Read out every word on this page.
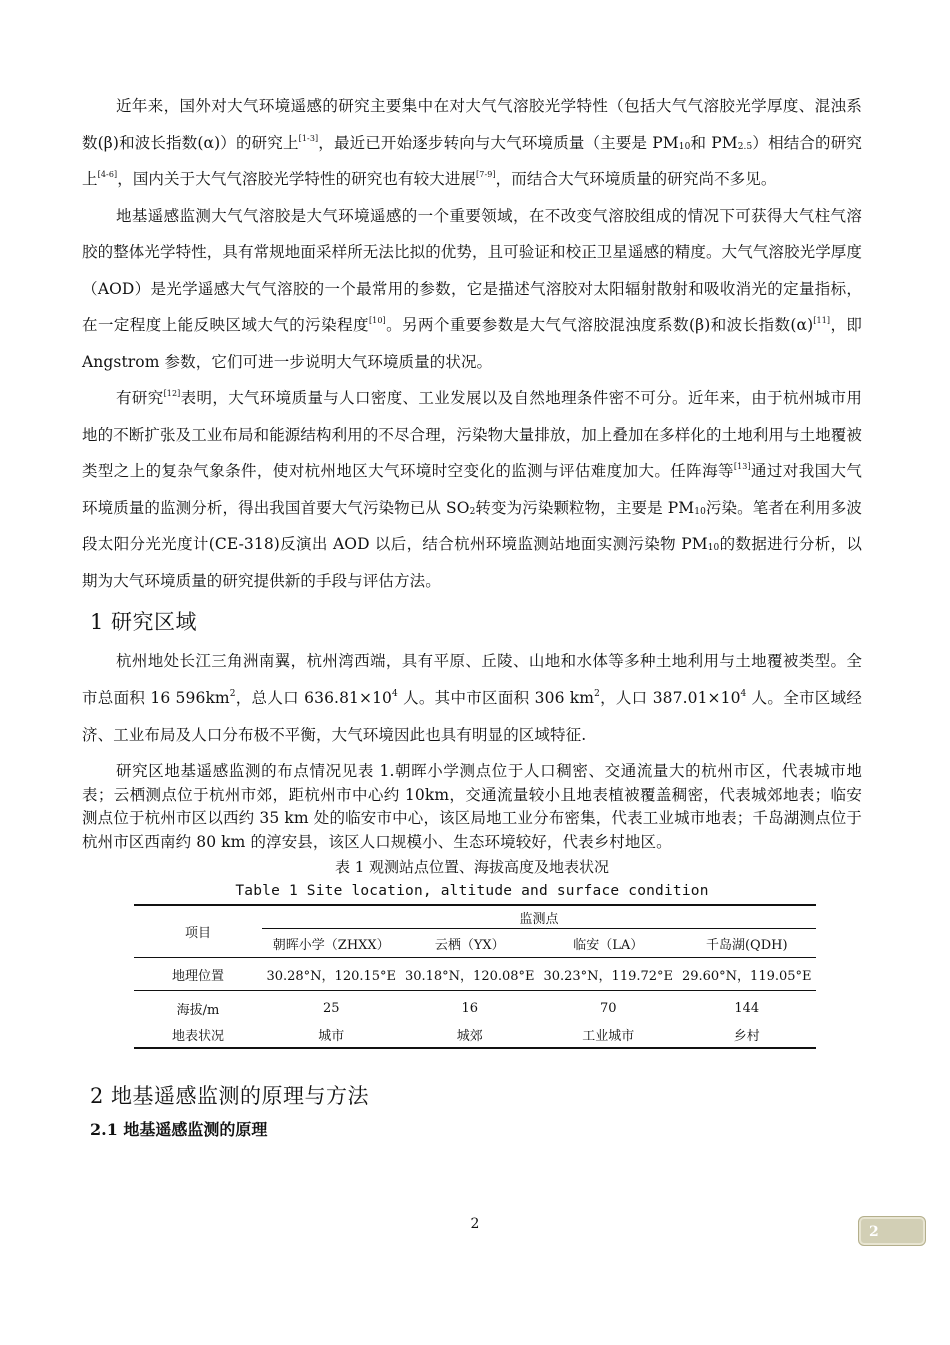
近年来，国外对大气环境遥感的研究主要集中在对大气气溶胶光学特性（包括大气气溶胶光学厚度、混浊系数(β)和波长指数(α)）的研究上[1-3]，最近已开始逐步转向与大气环境质量（主要是 $PM_{10}$和 $PM_{2.5}$）相结合的研究上[4-6]，国内关于大气气溶胶光学特性的研究也有较大进展[7-9]，而结合大气环境质量的研究尚不多见。

地基遥感监测大气气溶胶是大气环境遥感的一个重要领域，在不改变气溶胶组成的情况下可获得大气柱气溶胶的整体光学特性，具有常规地面采样所无法比拟的优势，且可验证和校正卫星遥感的精度。大气气溶胶光学厚度（AOD）是光学遥感大气气溶胶的一个最常用的参数，它是描述气溶胶对太阳辐射散射和吸收消光的定量指标，在一定程度上能反映区域大气的污染程度[10]。另两个重要参数是大气气溶胶混浊度系数(β)和波长指数(α)[11]，即 Angstrom 参数，它们可进一步说明大气环境质量的状况。

有研究[12]表明，大气环境质量与人口密度、工业发展以及自然地理条件密不可分。近年来，由于杭州城市用地的不断扩张及工业布局和能源结构利用的不尽合理，污染物大量排放，加上叠加在多样化的土地利用与土地覆被类型之上的复杂气象条件，使对杭州地区大气环境时空变化的监测与评估难度加大。任阵海等[13]通过对我国大气环境质量的监测分析，得出我国首要大气污染物已从 $SO_2$转变为污染颗粒物，主要是 $PM_{10}$污染。笔者在利用多波段太阳分光光度计(CE-318)反演出 AOD 以后，结合杭州环境监测站地面实测污染物 $PM_{10}$的数据进行分析，以期为大气环境质量的研究提供新的手段与评估方法。

1 研究区域

杭州地处长江三角洲南翼，杭州湾西端，具有平原、丘陵、山地和水体等多种土地利用与土地覆被类型。全市总面积 16 $596km^2$，总人口 $636.81\times 10^4$ 人。其中市区面积 306 $km^2$，人口 $387.01\times 10^4$ 人。全市区域经济、工业布局及人口分布极不平衡，大气环境因此也具有明显的区域特征.

研究区地基遥感监测的布点情况见表 1.朝晖小学测点位于人口稠密、交通流量大的杭州市区，代表城市地表；云栖测点位于杭州市郊，距杭州市中心约 10km，交通流量较小且地表植被覆盖稠密，代表城郊地表；临安测点位于杭州市区以西约 35 km 处的临安市中心，该区局地工业分布密集，代表工业城市地表；千岛湖测点位于杭州市区西南约 80 km 的淳安县，该区人口规模小、生态环境较好，代表乡村地区。

表 1 观测站点位置、海拔高度及地表状况
Table 1 Site location, altitude and surface condition
项目	监测点			
	朝晖小学（ZHXX）	云栖（YX）	临安（LA）	千岛湖(QDH)
地理位置	30.28°N，120.15°E	30.18°N，120.08°E	30.23°N，119.72°E	29.60°N，119.05°E
海拔/m	25	16	70	144
地表状况	城市	城郊	工业城市	乡村
2 地基遥感监测的原理与方法
2.1 地基遥感监测的原理
2	2
